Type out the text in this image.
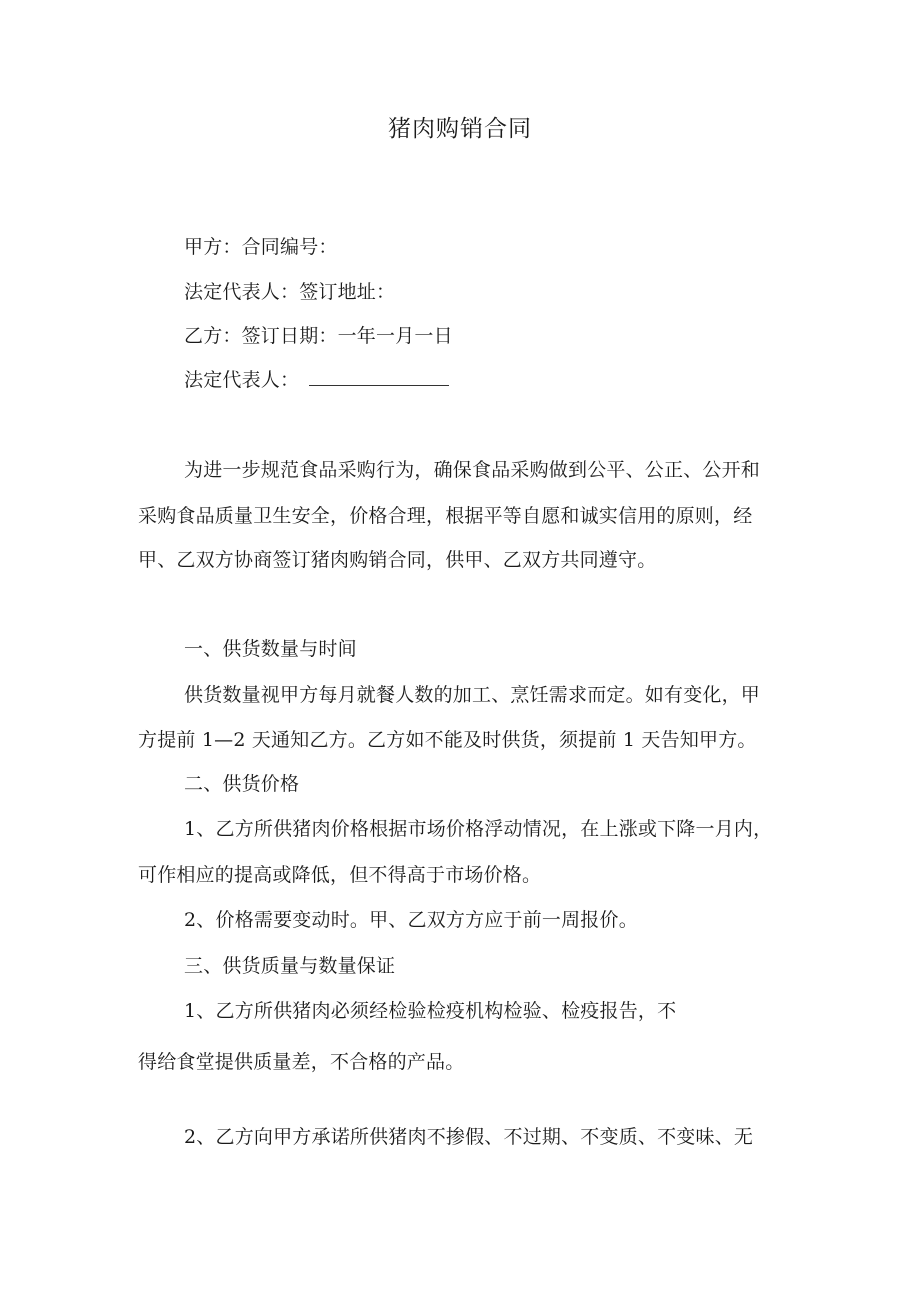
猪肉购销合同
甲方：合同编号：
法定代表人：签订地址：
乙方：签订日期：一年一月一日
法定代表人：
为进一步规范食品采购行为，确保食品采购做到公平、公正、公开和
采购食品质量卫生安全，价格合理，根据平等自愿和诚实信用的原则，经
甲、乙双方协商签订猪肉购销合同，供甲、乙双方共同遵守。
一、供货数量与时间
供货数量视甲方每月就餐人数的加工、烹饪需求而定。如有变化，甲
方提前 1—2 天通知乙方。乙方如不能及时供货，须提前 1 天告知甲方。
二、供货价格
1、乙方所供猪肉价格根据市场价格浮动情况，在上涨或下降一月内，
可作相应的提高或降低，但不得高于市场价格。
2、价格需要变动时。甲、乙双方方应于前一周报价。
三、供货质量与数量保证
1、乙方所供猪肉必须经检验检疫机构检验、检疫报告，不
得给食堂提供质量差，不合格的产品。
2、乙方向甲方承诺所供猪肉不掺假、不过期、不变质、不变味、无
